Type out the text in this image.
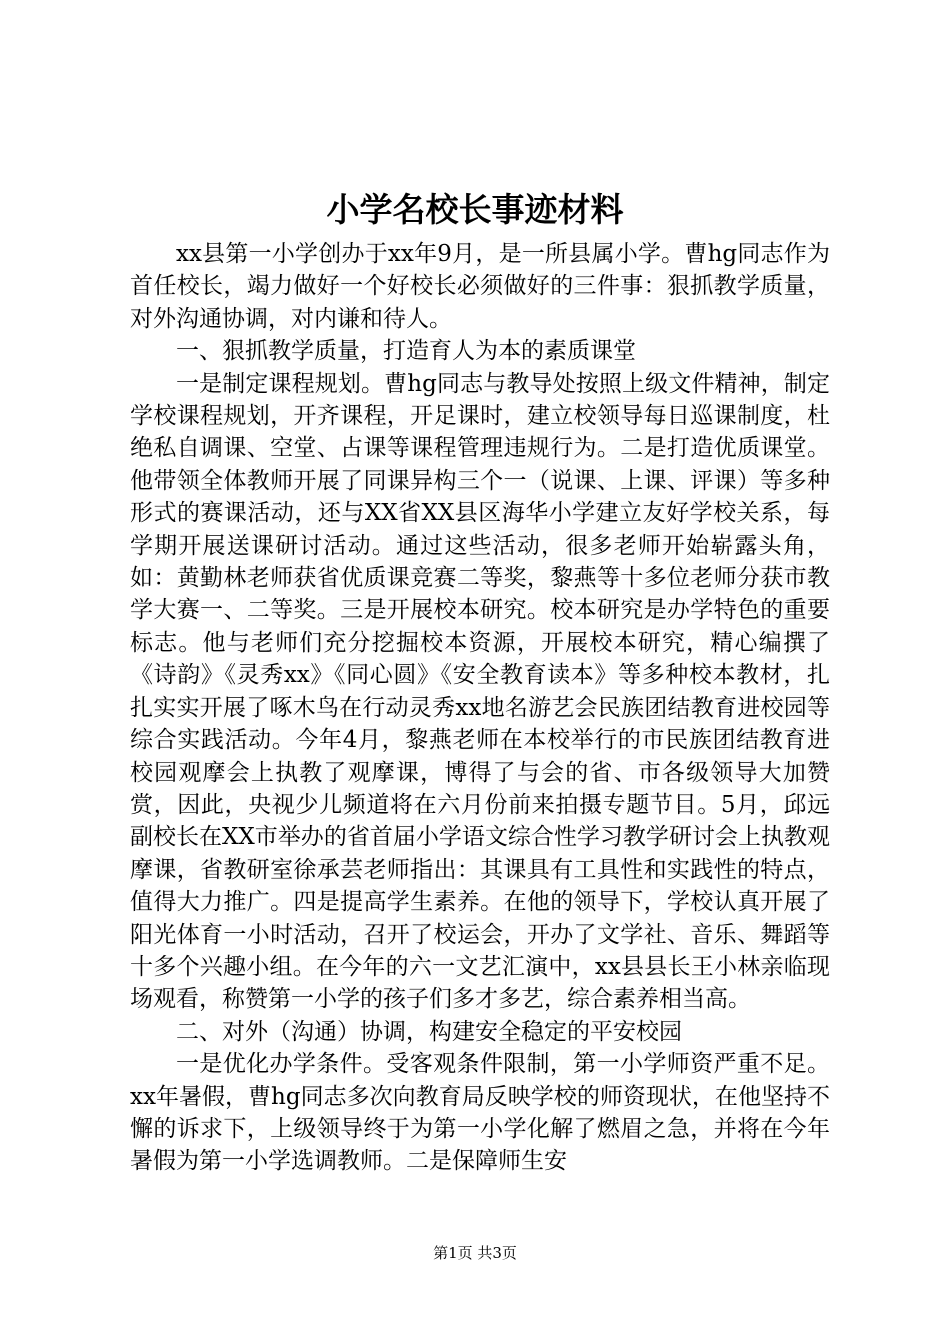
小学名校长事迹材料

xx县第一小学创办于xx年9月，是一所县属小学。曹hg同志作为首任校长，竭力做好一个好校长必须做好的三件事：狠抓教学质量，对外沟通协调，对内谦和待人。

一、狠抓教学质量，打造育人为本的素质课堂

一是制定课程规划。曹hg同志与教导处按照上级文件精神，制定学校课程规划，开齐课程，开足课时，建立校领导每日巡课制度，杜绝私自调课、空堂、占课等课程管理违规行为。二是打造优质课堂。他带领全体教师开展了同课异构三个一（说课、上课、评课）等多种形式的赛课活动，还与XX省XX县区海华小学建立友好学校关系，每学期开展送课研讨活动。通过这些活动，很多老师开始崭露头角，如：黄勤林老师获省优质课竞赛二等奖，黎燕等十多位老师分获市教学大赛一、二等奖。三是开展校本研究。校本研究是办学特色的重要标志。他与老师们充分挖掘校本资源，开展校本研究，精心编撰了《诗韵》《灵秀xx》《同心圆》《安全教育读本》等多种校本教材，扎扎实实开展了啄木鸟在行动灵秀xx地名游艺会民族团结教育进校园等综合实践活动。今年4月，黎燕老师在本校举行的市民族团结教育进校园观摩会上执教了观摩课，博得了与会的省、市各级领导大加赞赏，因此，央视少儿频道将在六月份前来拍摄专题节目。5月，邱远副校长在XX市举办的省首届小学语文综合性学习教学研讨会上执教观摩课，省教研室徐承芸老师指出：其课具有工具性和实践性的特点，值得大力推广。四是提高学生素养。在他的领导下，学校认真开展了阳光体育一小时活动，召开了校运会，开办了文学社、音乐、舞蹈等十多个兴趣小组。在今年的六一文艺汇演中，xx县县长王小林亲临现场观看，称赞第一小学的孩子们多才多艺，综合素养相当高。

二、对外（沟通）协调，构建安全稳定的平安校园

一是优化办学条件。受客观条件限制，第一小学师资严重不足。xx年暑假，曹hg同志多次向教育局反映学校的师资现状，在他坚持不懈的诉求下，上级领导终于为第一小学化解了燃眉之急，并将在今年暑假为第一小学选调教师。二是保障师生安

第1页 共3页
